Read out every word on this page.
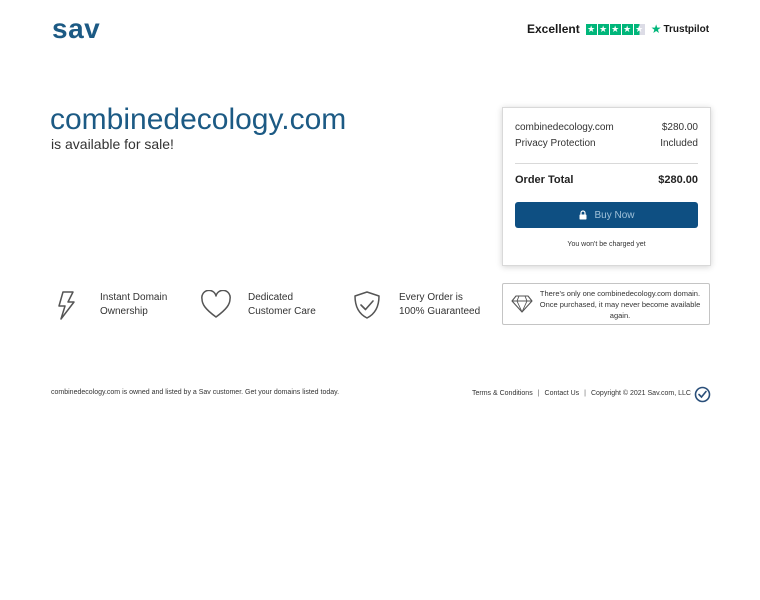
sav	Excellent ★ ★ ★ ★ ★ ★ Trustpilot
combinedecology.com
is available for sale!
combinedecology.com	$280.00
Privacy Protection	Included
Order Total	$280.00
Buy Now
You won't be charged yet
Instant Domain
Ownership
Dedicated
Customer Care
Every Order is
100% Guaranteed
There's only one combinedecology.com domain. Once purchased, it may never become available again.
combinedecology.com is owned and listed by a Sav customer. Get your domains listed today.	Terms & Conditions | Contact Us | Copyright © 2021 Sav.com, LLC
